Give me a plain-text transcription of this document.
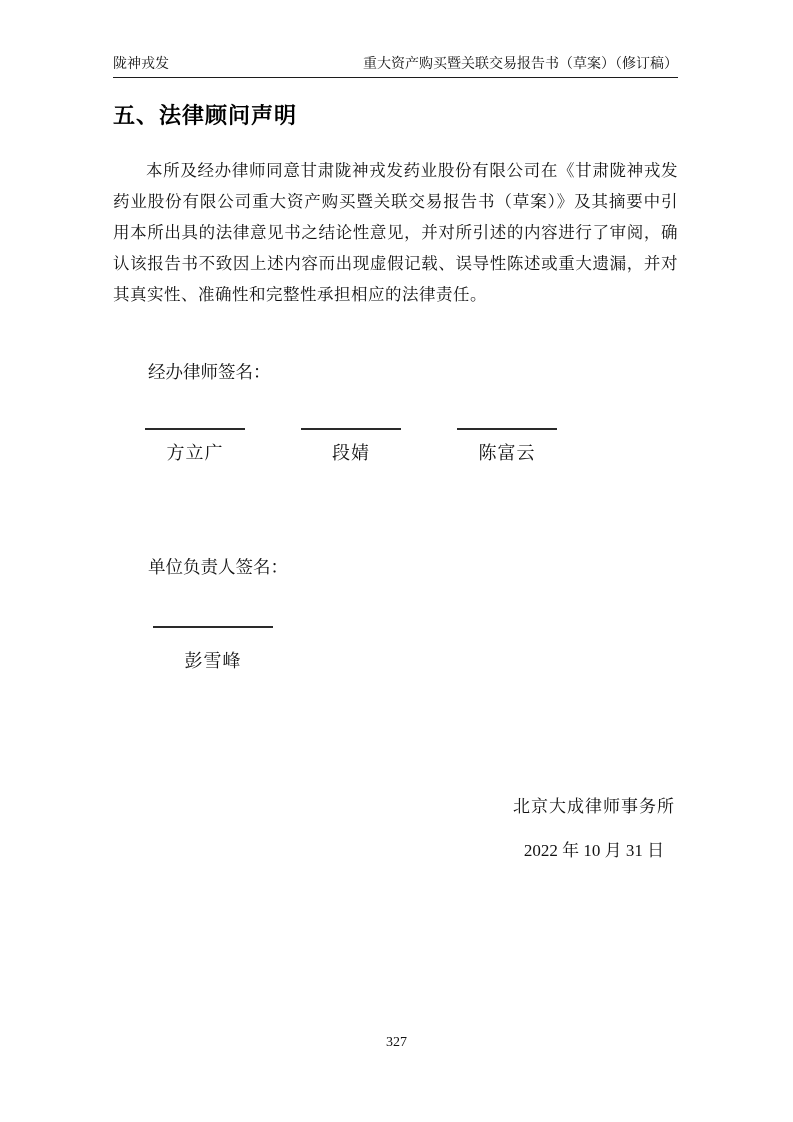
陇神戎发	重大资产购买暨关联交易报告书（草案）（修订稿）
五、法律顾问声明

本所及经办律师同意甘肃陇神戎发药业股份有限公司在《甘肃陇神戎发药业股份有限公司重大资产购买暨关联交易报告书（草案）》及其摘要中引用本所出具的法律意见书之结论性意见，并对所引述的内容进行了审阅，确认该报告书不致因上述内容而出现虚假记载、误导性陈述或重大遗漏，并对其真实性、准确性和完整性承担相应的法律责任。

经办律师签名：
方立广	段婧	陈富云
单位负责人签名：
彭雪峰
北京大成律师事务所
2022 年 10 月 31 日
327
